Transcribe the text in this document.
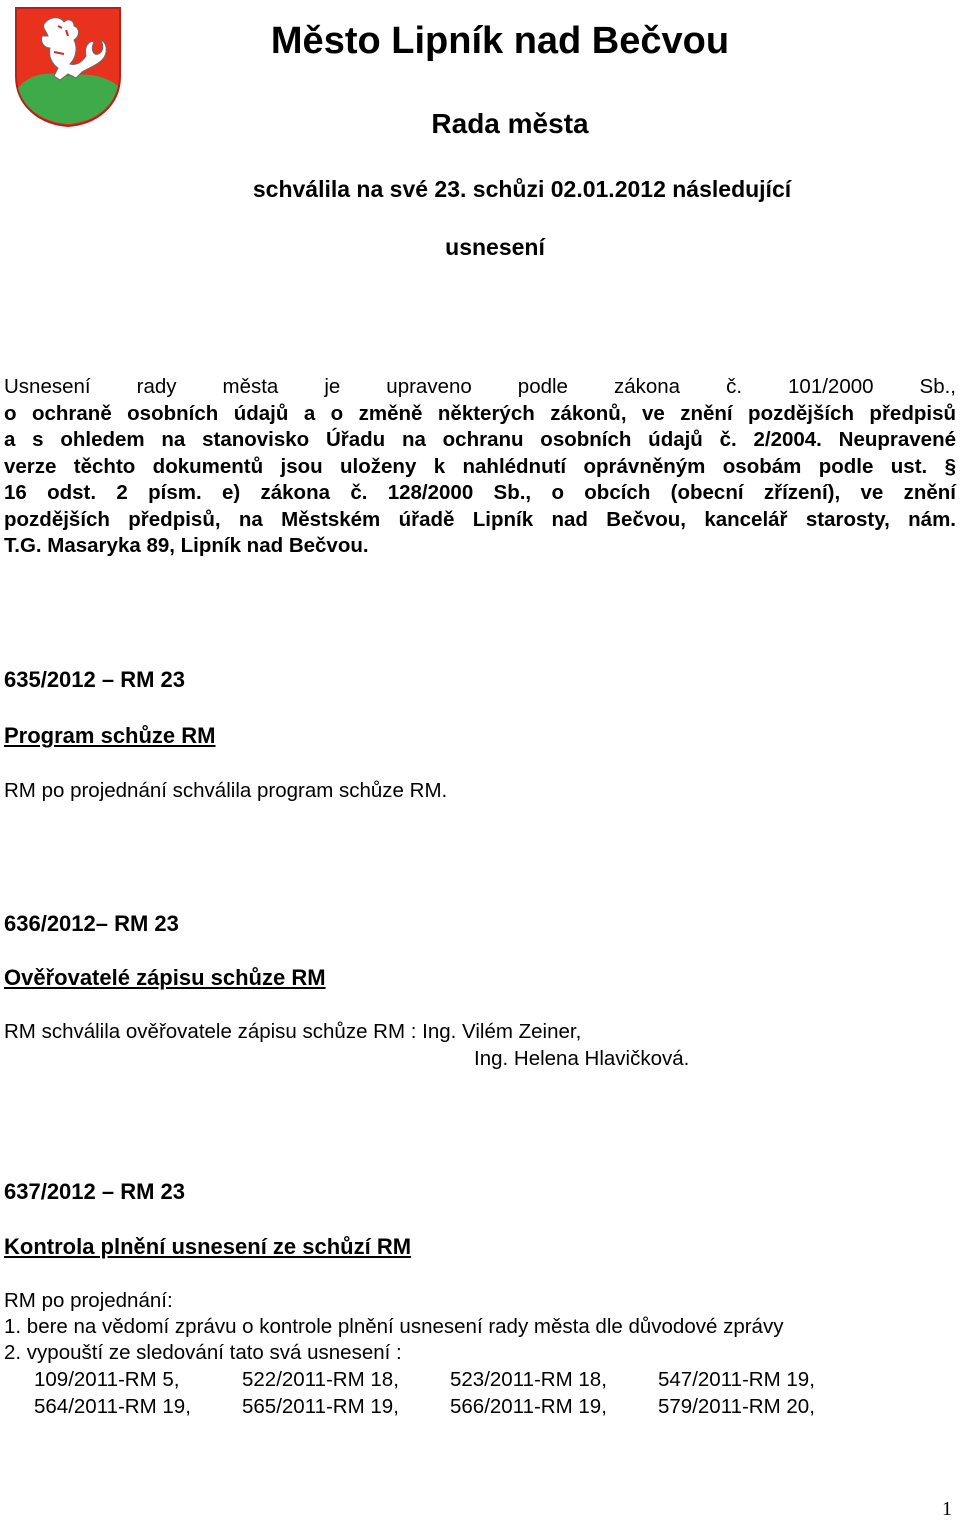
Město Lipník nad Bečvou
Rada města
schválila na své 23. schůzi 02.01.2012 následující
usnesení
Usnesení rady města je upraveno podle zákona č. 101/2000 Sb.,
o ochraně osobních údajů a o změně některých zákonů, ve znění pozdějších předpisů
a s ohledem na stanovisko Úřadu na ochranu osobních údajů č. 2/2004. Neupravené
verze těchto dokumentů jsou uloženy k nahlédnutí oprávněným osobám podle ust. §
16 odst. 2 písm. e) zákona č. 128/2000 Sb., o obcích (obecní zřízení), ve znění
pozdějších předpisů, na Městském úřadě Lipník nad Bečvou, kancelář starosty, nám.
T.G. Masaryka 89, Lipník nad Bečvou.
635/2012 – RM 23
Program schůze RM
RM po projednání schválila program schůze RM.
636/2012– RM 23
Ověřovatelé zápisu schůze RM
RM schválila ověřovatele zápisu schůze RM : Ing. Vilém Zeiner,
Ing. Helena Hlavičková.
637/2012 – RM 23
Kontrola plnění usnesení ze schůzí RM
RM po projednání:
1. bere na vědomí zprávu o kontrole plnění usnesení rady města dle důvodové zprávy
2. vypouští ze sledování tato svá usnesení :
109/2011-RM 5,	522/2011-RM 18, 523/2011-RM 18, 547/2011-RM 19,
564/2011-RM 19, 565/2011-RM 19, 566/2011-RM 19, 579/2011-RM 20,
1
